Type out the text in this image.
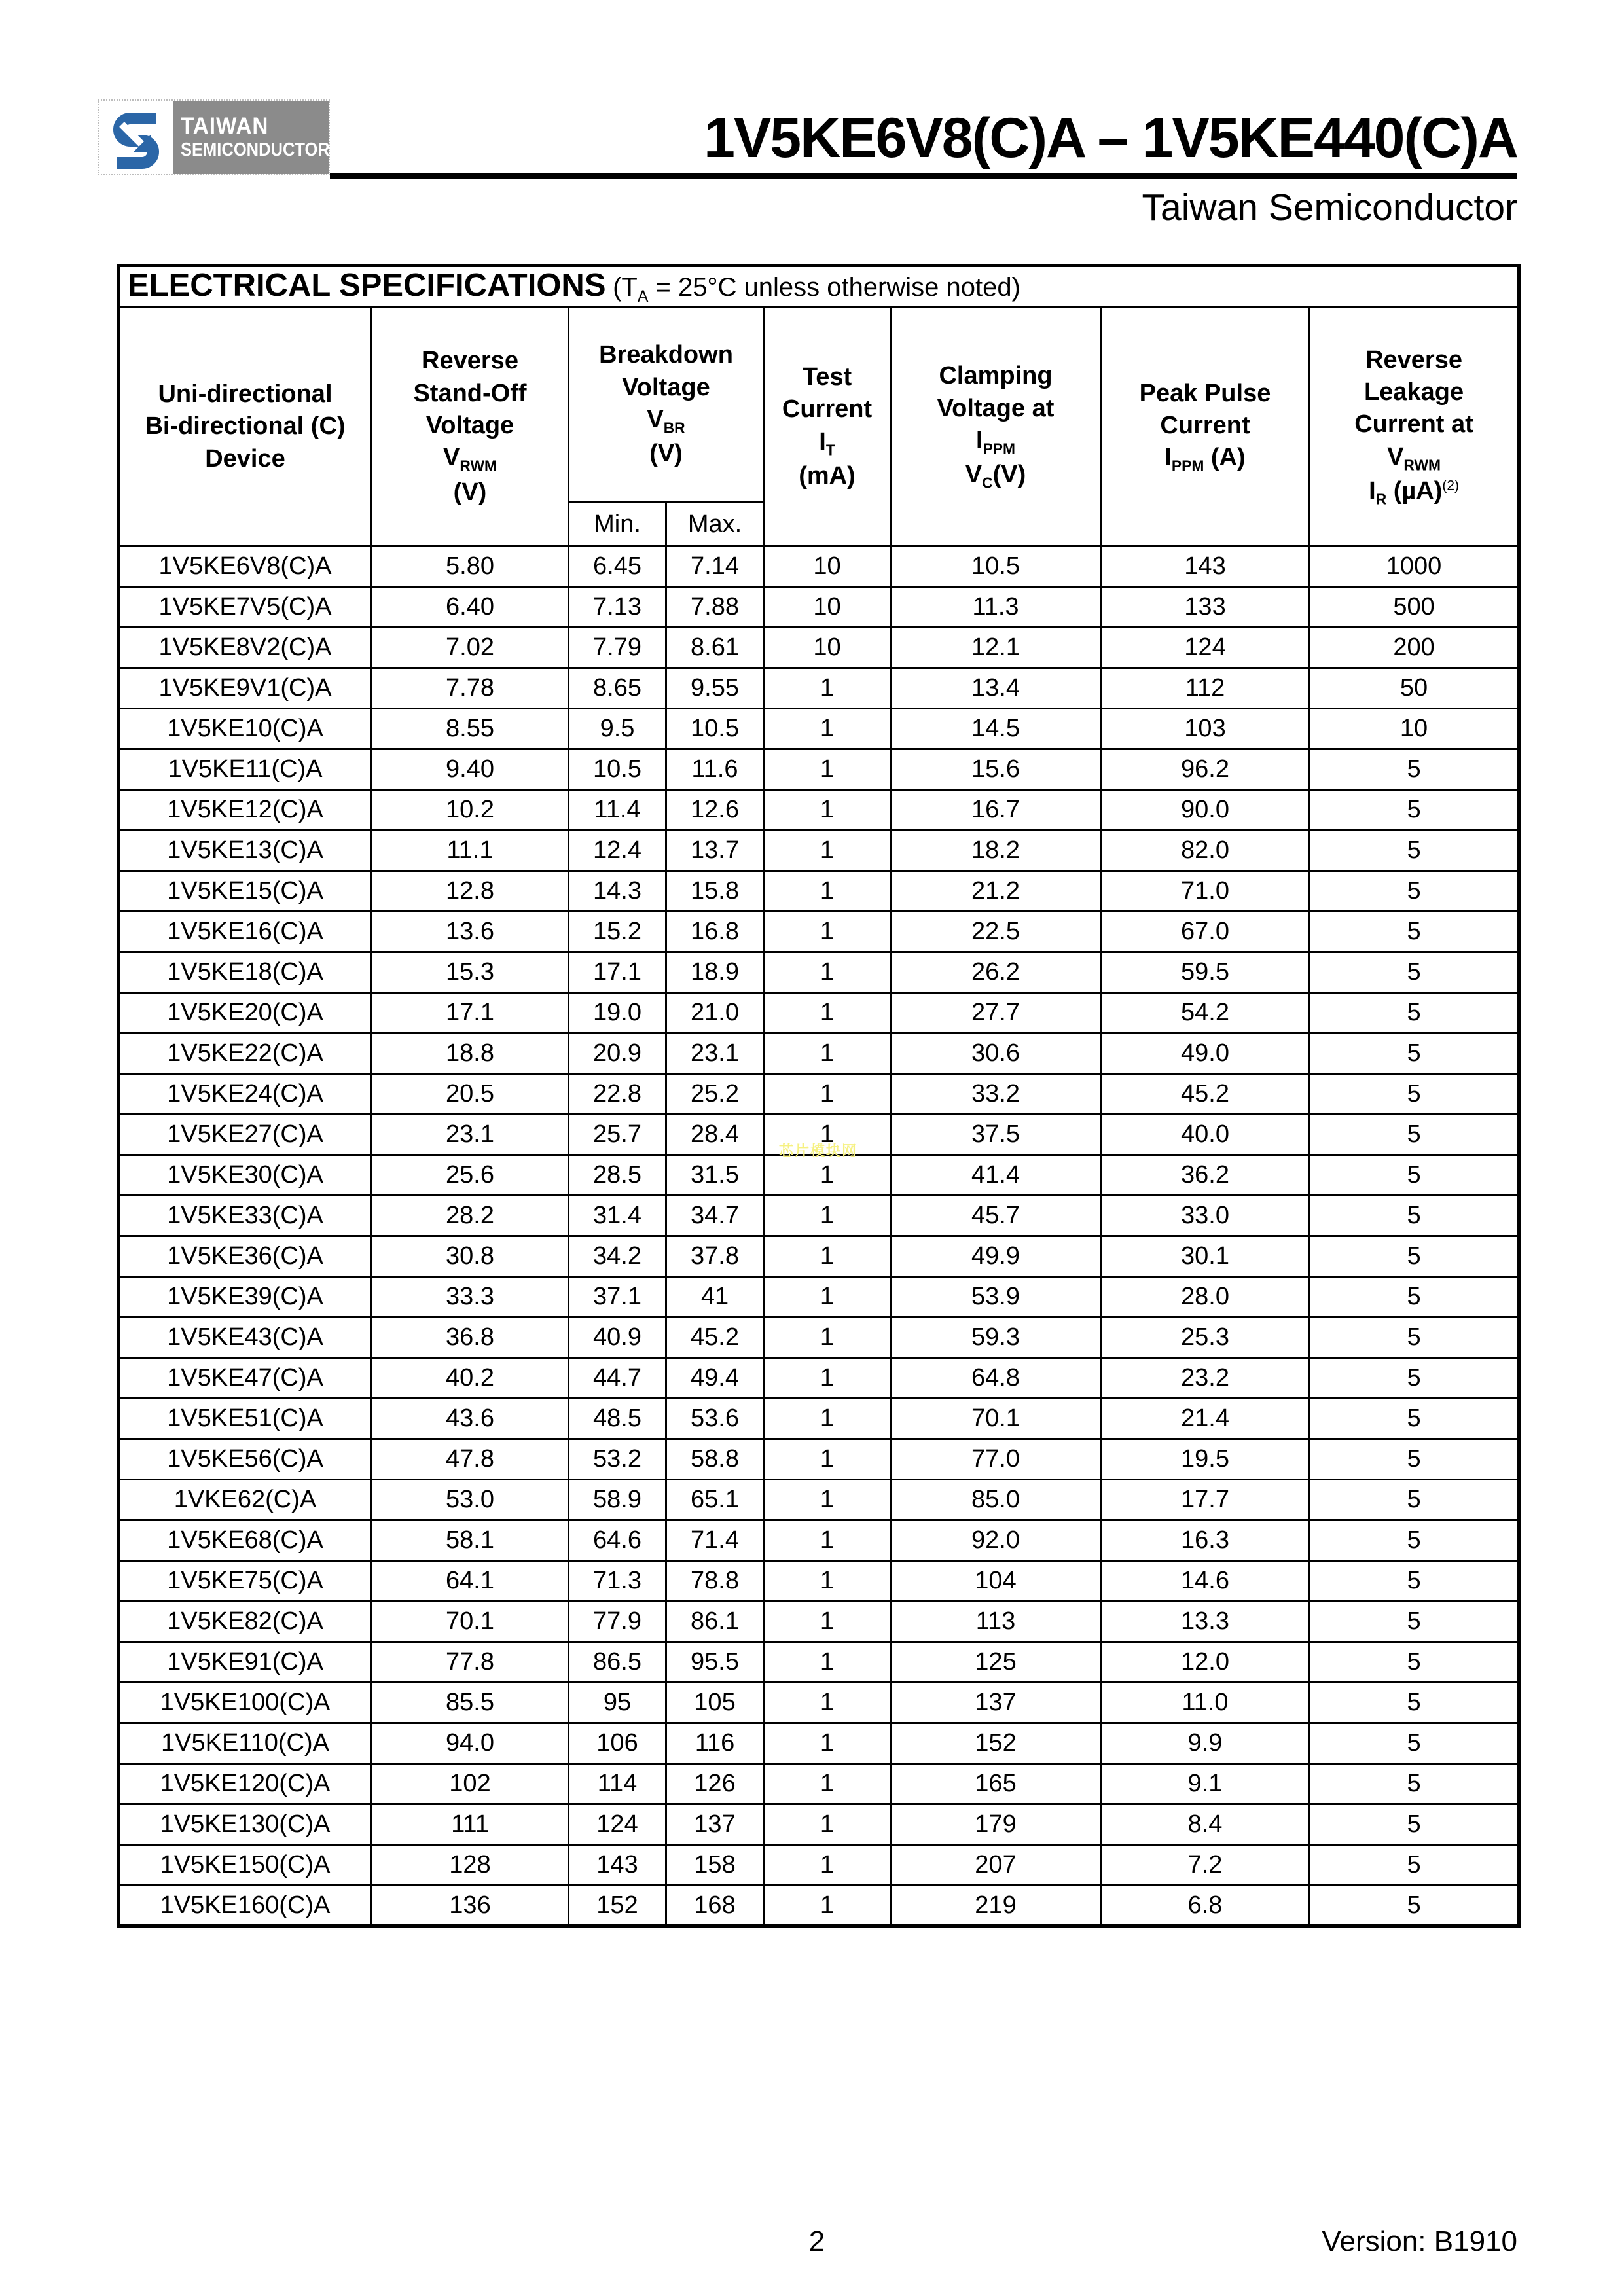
TAIWAN
SEMICONDUCTOR	1V5KE6V8(C)A – 1V5KE440(C)A
Taiwan Semiconductor
ELECTRICAL SPECIFICATIONS ($T_A = 25^\circ C$ unless otherwise noted)							

Uni-directional
Bi-directional (C)
Device

Reverse
Stand-Off
Voltage
$V_{RWM}$
(V)

Breakdown
Voltage
$V_{BR}$
(V)

Test
Current
$I_T$
(mA)

Clamping
Voltage at
$I_{PPM}$
$V_C(V)$

Peak Pulse
Current
$I_{PPM}$ (A)

Reverse
Leakage
Current at
$V_{RWM}$
$I_R$ $(\mu A)^{(2)}$

		Min.	Max.				
1V5KE6V8(C)A	5.80	6.45	7.14	10	10.5	143	1000
1V5KE7V5(C)A	6.40	7.13	7.88	10	11.3	133	500
1V5KE8V2(C)A	7.02	7.79	8.61	10	12.1	124	200
1V5KE9V1(C)A	7.78	8.65	9.55	1	13.4	112	50
1V5KE10(C)A	8.55	9.5	10.5	1	14.5	103	10
1V5KE11(C)A	9.40	10.5	11.6	1	15.6	96.2	5
1V5KE12(C)A	10.2	11.4	12.6	1	16.7	90.0	5
1V5KE13(C)A	11.1	12.4	13.7	1	18.2	82.0	5
1V5KE15(C)A	12.8	14.3	15.8	1	21.2	71.0	5
1V5KE16(C)A	13.6	15.2	16.8	1	22.5	67.0	5
1V5KE18(C)A	15.3	17.1	18.9	1	26.2	59.5	5
1V5KE20(C)A	17.1	19.0	21.0	1	27.7	54.2	5
1V5KE22(C)A	18.8	20.9	23.1	1	30.6	49.0	5
1V5KE24(C)A	20.5	22.8	25.2	1	33.2	45.2	5
1V5KE27(C)A	23.1	25.7	28.4	1	37.5	40.0	5
1V5KE30(C)A	25.6	28.5	31.5	1	41.4	36.2	5
1V5KE33(C)A	28.2	31.4	34.7	1	45.7	33.0	5
1V5KE36(C)A	30.8	34.2	37.8	1	49.9	30.1	5
1V5KE39(C)A	33.3	37.1	41	1	53.9	28.0	5
1V5KE43(C)A	36.8	40.9	45.2	1	59.3	25.3	5
1V5KE47(C)A	40.2	44.7	49.4	1	64.8	23.2	5
1V5KE51(C)A	43.6	48.5	53.6	1	70.1	21.4	5
1V5KE56(C)A	47.8	53.2	58.8	1	77.0	19.5	5
1VKE62(C)A	53.0	58.9	65.1	1	85.0	17.7	5
1V5KE68(C)A	58.1	64.6	71.4	1	92.0	16.3	5
1V5KE75(C)A	64.1	71.3	78.8	1	104	14.6	5
1V5KE82(C)A	70.1	77.9	86.1	1	113	13.3	5
1V5KE91(C)A	77.8	86.5	95.5	1	125	12.0	5
1V5KE100(C)A	85.5	95	105	1	137	11.0	5
1V5KE110(C)A	94.0	106	116	1	152	9.9	5
1V5KE120(C)A	102	114	126	1	165	9.1	5
1V5KE130(C)A	111	124	137	1	179	8.4	5
1V5KE150(C)A	128	143	158	1	207	7.2	5
1V5KE160(C)A	136	152	168	1	219	6.8	5
芯片模块网
2	Version: B1910
